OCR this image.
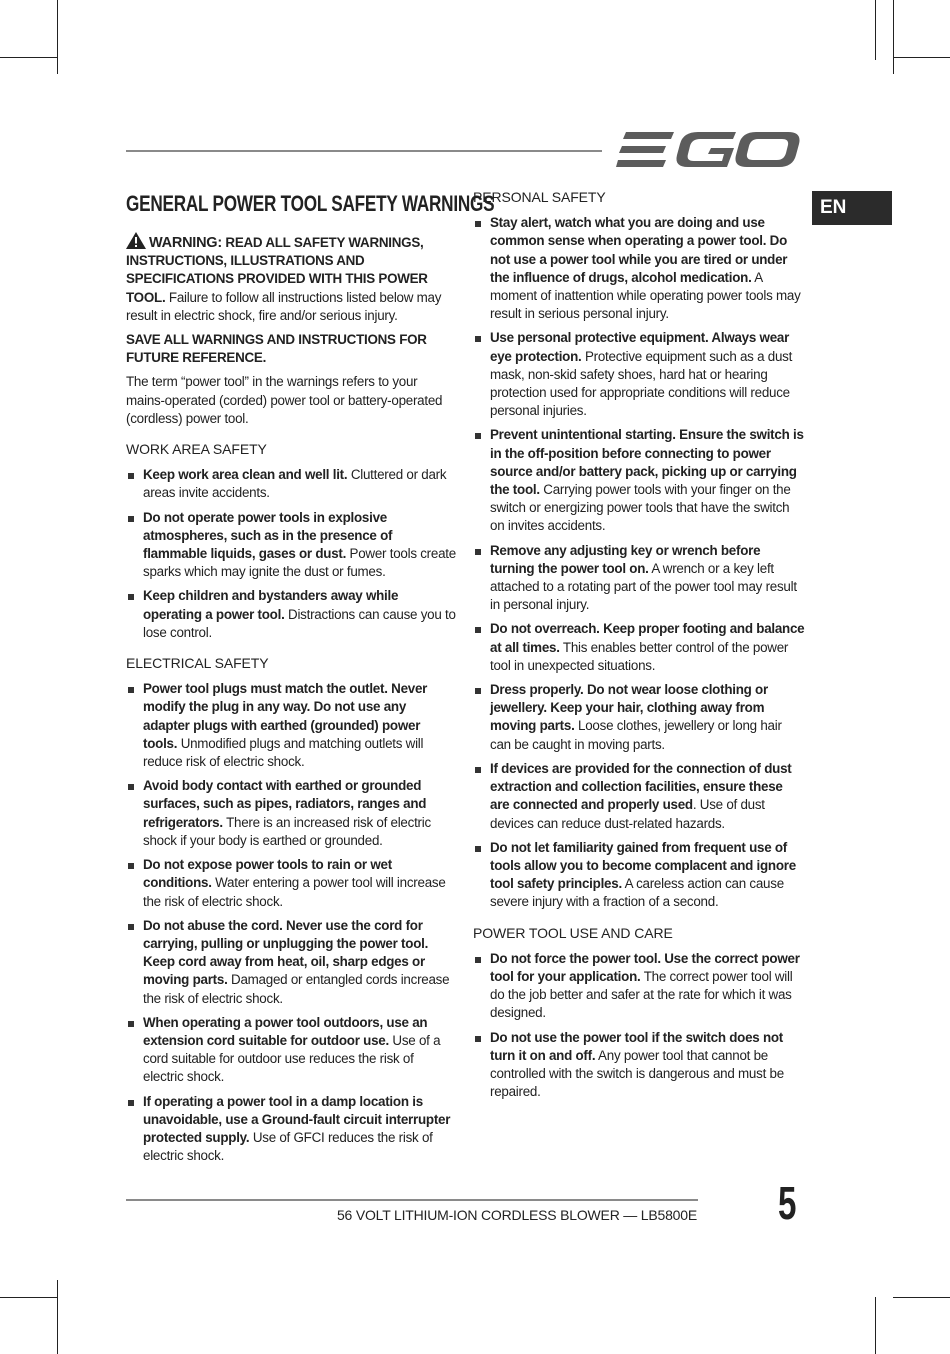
EN
GENERAL POWER TOOL SAFETY WARNINGS

WARNING: READ ALL SAFETY WARNINGS, INSTRUCTIONS, ILLUSTRATIONS AND SPECIFICATIONS PROVIDED WITH THIS POWER TOOL. Failure to follow all instructions listed below may result in electric shock, fire and/or serious injury.

SAVE ALL WARNINGS AND INSTRUCTIONS FOR FUTURE REFERENCE.

The term “power tool” in the warnings refers to your mains-operated (corded) power tool or battery-operated (cordless) power tool.

WORK AREA SAFETY
Keep work area clean and well lit. Cluttered or dark areas invite accidents.
Do not operate power tools in explosive atmospheres, such as in the presence of flammable liquids, gases or dust. Power tools create sparks which may ignite the dust or fumes.
Keep children and bystanders away while operating a power tool. Distractions can cause you to lose control.
ELECTRICAL SAFETY
Power tool plugs must match the outlet. Never modify the plug in any way. Do not use any adapter plugs with earthed (grounded) power tools. Unmodified plugs and matching outlets will reduce risk of electric shock.
Avoid body contact with earthed or grounded surfaces, such as pipes, radiators, ranges and refrigerators. There is an increased risk of electric shock if your body is earthed or grounded.
Do not expose power tools to rain or wet conditions. Water entering a power tool will increase the risk of electric shock.
Do not abuse the cord. Never use the cord for carrying, pulling or unplugging the power tool. Keep cord away from heat, oil, sharp edges or moving parts. Damaged or entangled cords increase the risk of electric shock.
When operating a power tool outdoors, use an extension cord suitable for outdoor use. Use of a cord suitable for outdoor use reduces the risk of electric shock.
If operating a power tool in a damp location is unavoidable, use a Ground-fault circuit interrupter protected supply. Use of GFCI reduces the risk of electric shock.
PERSONAL SAFETY
Stay alert, watch what you are doing and use common sense when operating a power tool. Do not use a power tool while you are tired or under the influence of drugs, alcohol medication. A moment of inattention while operating power tools may result in serious personal injury.
Use personal protective equipment. Always wear eye protection. Protective equipment such as a dust mask, non-skid safety shoes, hard hat or hearing protection used for appropriate conditions will reduce personal injuries.
Prevent unintentional starting. Ensure the switch is in the off-position before connecting to power source and/or battery pack, picking up or carrying the tool. Carrying power tools with your finger on the switch or energizing power tools that have the switch on invites accidents.
Remove any adjusting key or wrench before turning the power tool on. A wrench or a key left attached to a rotating part of the power tool may result in personal injury.
Do not overreach. Keep proper footing and balance at all times. This enables better control of the power tool in unexpected situations.
Dress properly. Do not wear loose clothing or jewellery. Keep your hair, clothing away from moving parts. Loose clothes, jewellery or long hair can be caught in moving parts.
If devices are provided for the connection of dust extraction and collection facilities, ensure these are connected and properly used. Use of dust devices can reduce dust-related hazards.
Do not let familiarity gained from frequent use of tools allow you to become complacent and ignore tool safety principles. A careless action can cause severe injury with a fraction of a second.
POWER TOOL USE AND CARE
Do not force the power tool. Use the correct power tool for your application. The correct power tool will do the job better and safer at the rate for which it was designed.
Do not use the power tool if the switch does not turn it on and off. Any power tool that cannot be controlled with the switch is dangerous and must be repaired.
56 VOLT LITHIUM-ION CORDLESS BLOWER — LB5800E 5
